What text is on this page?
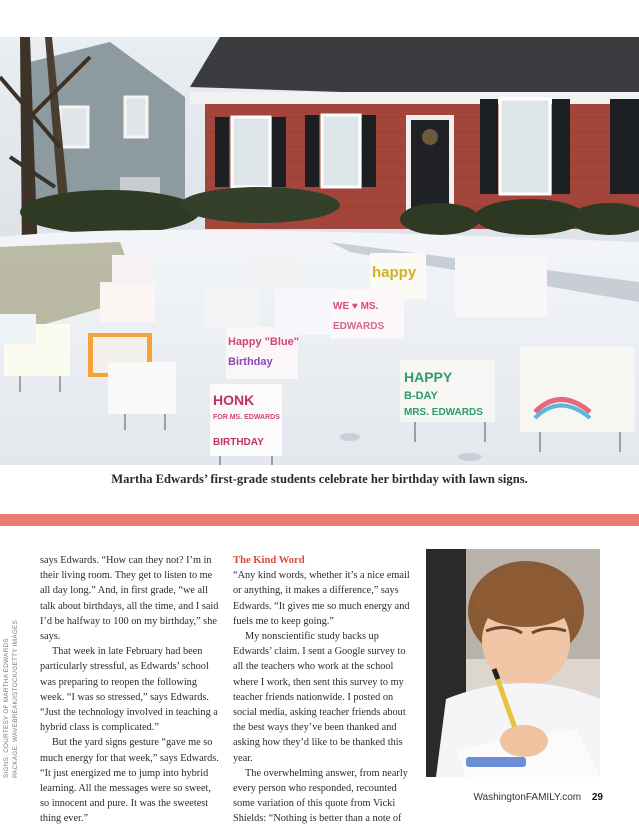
happy
HAPPY
B-DAY
MRS. EDWARDS
Happy "Blue"
Birthday
HONK
FOR MS. EDWARDS
BIRTHDAY
WE ♥ MS.
EDWARDS
Martha Edwards’ first-grade students celebrate her birthday with lawn signs.
SIGNS: COURTESY OF MARTHA EDWARDS PACKAGE: WAVEBREAK/ISTOCK/GETTY IMAGES

says Edwards. “How can they not? I’m in their living room. They get to listen to me all day long.” And, in first grade, “we all talk about birthdays, all the time, and I said I’d be halfway to 100 on my birthday,” she says.

That week in late February had been particularly stressful, as Edwards’ school was preparing to reopen the following week. “I was so stressed,” says Edwards. “Just the technology involved in teaching a hybrid class is complicated.”

But the yard signs gesture “gave me so much energy for that week,” says Edwards. “It just energized me to jump into hybrid learning. All the messages were so sweet, so innocent and pure. It was the sweetest thing ever.”

The Kind Word

“Any kind words, whether it’s a nice email or anything, it makes a difference,” says Edwards. “It gives me so much energy and fuels me to keep going.”

My nonscientific study backs up Edwards’ claim. I sent a Google survey to all the teachers who work at the school where I work, then sent this survey to my teacher friends nationwide. I posted on social media, asking teacher friends about the best ways they’ve been thanked and asking how they’d like to be thanked this year.

The overwhelming answer, from nearly every person who responded, recounted some variation of this quote from Vicki Shields: “Nothing is better than a note of

WashingtonFAMILY.com 29
